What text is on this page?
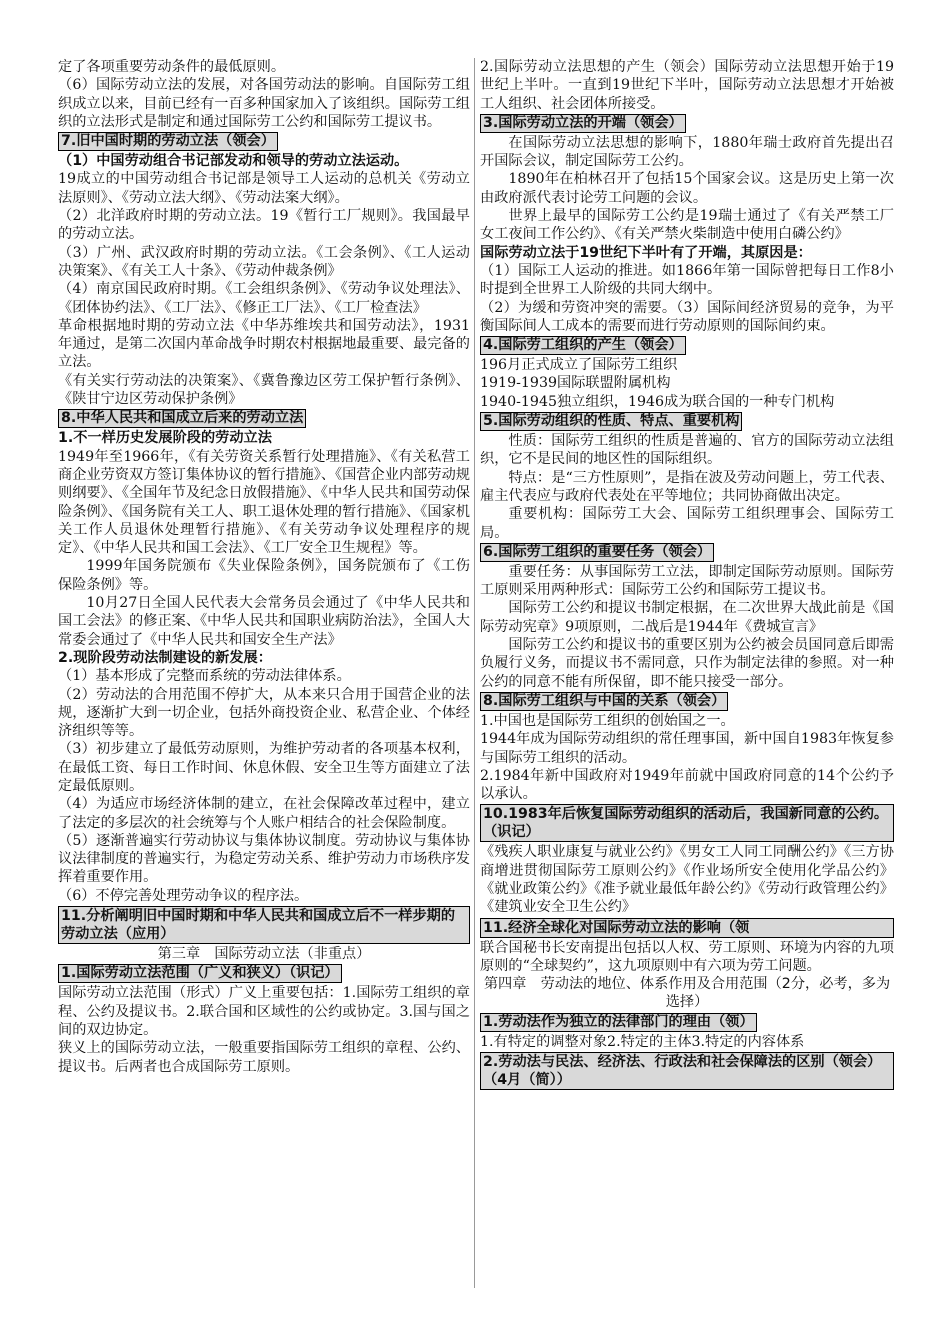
定了各项重要劳动条件的最低原则。

（6）国际劳动立法的发展，对各国劳动法的影响。自国际劳工组织成立以来，目前已经有一百多种国家加入了该组织。国际劳工组织的立法形式是制定和通过国际劳工公约和国际劳工提议书。

7.旧中国时期的劳动立法（领会）

（1）中国劳动组合书记部发动和领导的劳动立法运动。

19成立的中国劳动组合书记部是领导工人运动的总机关《劳动立法原则》、《劳动立法大纲》、《劳动法案大纲》。

（2）北洋政府时期的劳动立法。19《暂行工厂规则》。我国最早的劳动立法。

（3）广州、武汉政府时期的劳动立法。《工会条例》、《工人运动决策案》、《有关工人十条》、《劳动仲裁条例》

（4）南京国民政府时期。《工会组织条例》、《劳动争议处理法》、《团体协约法》、《工厂法》、《修正工厂法》、《工厂检查法》

革命根据地时期的劳动立法《中华苏维埃共和国劳动法》，1931年通过，是第二次国内革命战争时期农村根据地最重要、最完备的立法。

《有关实行劳动法的决策案》、《冀鲁豫边区劳工保护暂行条例》、《陕甘宁边区劳动保护条例》

8.中华人民共和国成立后来的劳动立法

1.不一样历史发展阶段的劳动立法

1949年至1966年，《有关劳资关系暂行处理措施》、《有关私营工商企业劳资双方签订集体协议的暂行措施》、《国营企业内部劳动规则纲要》、《全国年节及纪念日放假措施》、《中华人民共和国劳动保险条例》、《国务院有关工人、职工退休处理的暂行措施》、《国家机关工作人员退休处理暂行措施》、《有关劳动争议处理程序的规定》、《中华人民共和国工会法》、《工厂安全卫生规程》等。

1999年国务院颁布《失业保险条例》，国务院颁布了《工伤保险条例》等。

10月27日全国人民代表大会常务员会通过了《中华人民共和国工会法》的修正案、《中华人民共和国职业病防治法》，全国人大常委会通过了《中华人民共和国安全生产法》

2.现阶段劳动法制建设的新发展：

（1）基本形成了完整而系统的劳动法律体系。

（2）劳动法的合用范围不停扩大，从本来只合用于国营企业的法规，逐渐扩大到一切企业，包括外商投资企业、私营企业、个体经济组织等等。

（3）初步建立了最低劳动原则，为维护劳动者的各项基本权利，在最低工资、每日工作时间、休息休假、安全卫生等方面建立了法定最低原则。

（4）为适应市场经济体制的建立，在社会保障改革过程中，建立了法定的多层次的社会统筹与个人账户相结合的社会保险制度。

（5）逐渐普遍实行劳动协议与集体协议制度。劳动协议与集体协议法律制度的普遍实行，为稳定劳动关系、维护劳动力市场秩序发挥着重要作用。

（6）不停完善处理劳动争议的程序法。

11.分析阐明旧中国时期和中华人民共和国成立后不一样步期的劳动立法（应用）

第三章　国际劳动立法（非重点）

1.国际劳动立法范围（广义和狭义）（识记）

国际劳动立法范围（形式）广义上重要包括：1.国际劳工组织的章程、公约及提议书。2.联合国和区域性的公约或协定。3.国与国之间的双边协定。

狭义上的国际劳动立法，一般重要指国际劳工组织的章程、公约、提议书。后两者也合成国际劳工原则。

2.国际劳动立法思想的产生（领会）国际劳动立法思想开始于19世纪上半叶。一直到19世纪下半叶，国际劳动立法思想才开始被工人组织、社会团体所接受。

3.国际劳动立法的开端（领会）

在国际劳动立法思想的影响下，1880年瑞士政府首先提出召开国际会议，制定国际劳工公约。

1890年在柏林召开了包括15个国家会议。这是历史上第一次由政府派代表讨论劳工问题的会议。

世界上最早的国际劳工公约是19瑞士通过了《有关严禁工厂女工夜间工作公约》、《有关严禁火柴制造中使用白磷公约》

国际劳动立法于19世纪下半叶有了开端，其原因是：

（1）国际工人运动的推进。如1866年第一国际曾把每日工作8小时提到全世界工人阶级的共同大纲中。

（2）为缓和劳资冲突的需要。（3）国际间经济贸易的竞争，为平衡国际间人工成本的需要而进行劳动原则的国际间约束。

4.国际劳工组织的产生（领会）

196月正式成立了国际劳工组织

1919-1939国际联盟附属机构

1940-1945独立组织，1946成为联合国的一种专门机构

5.国际劳动组织的性质、特点、重要机构

性质：国际劳工组织的性质是普遍的、官方的国际劳动立法组织，它不是民间的地区性的国际组织。

特点：是“三方性原则”，是指在波及劳动问题上，劳工代表、雇主代表应与政府代表处在平等地位；共同协商做出决定。

重要机构：国际劳工大会、国际劳工组织理事会、国际劳工局。

6.国际劳工组织的重要任务（领会）

重要任务：从事国际劳工立法，即制定国际劳动原则。国际劳工原则采用两种形式：国际劳工公约和国际劳工提议书。

国际劳工公约和提议书制定根据，在二次世界大战此前是《国际劳动宪章》9项原则，二战后是1944年《费城宣言》

国际劳工公约和提议书的重要区别为公约被会员国同意后即需负履行义务，而提议书不需同意，只作为制定法律的参照。对一种公约的同意不能有所保留，即不能只接受一部分。

8.国际劳工组织与中国的关系（领会）

1.中国也是国际劳工组织的创始国之一。

1944年成为国际劳动组织的常任理事国，新中国自1983年恢复参与国际劳工组织的活动。

2.1984年新中国政府对1949年前就中国政府同意的14个公约予以承认。

10.1983年后恢复国际劳动组织的活动后，我国新同意的公约。（识记）

《残疾人职业康复与就业公约》《男女工人同工同酬公约》《三方协商增进贯彻国际劳工原则公约》《作业场所安全使用化学品公约》《就业政策公约》《准予就业最低年龄公约》《劳动行政管理公约》《建筑业安全卫生公约》

11.经济全球化对国际劳动立法的影响（领

联合国秘书长安南提出包括以人权、劳工原则、环境为内容的九项原则的“全球契约”，这九项原则中有六项为劳工问题。

第四章　劳动法的地位、体系作用及合用范围（2分，必考，多为选择）

1.劳动法作为独立的法律部门的理由（领）

1.有特定的调整对象2.特定的主体3.特定的内容体系

2.劳动法与民法、经济法、行政法和社会保障法的区别（领会）（4月（简））
